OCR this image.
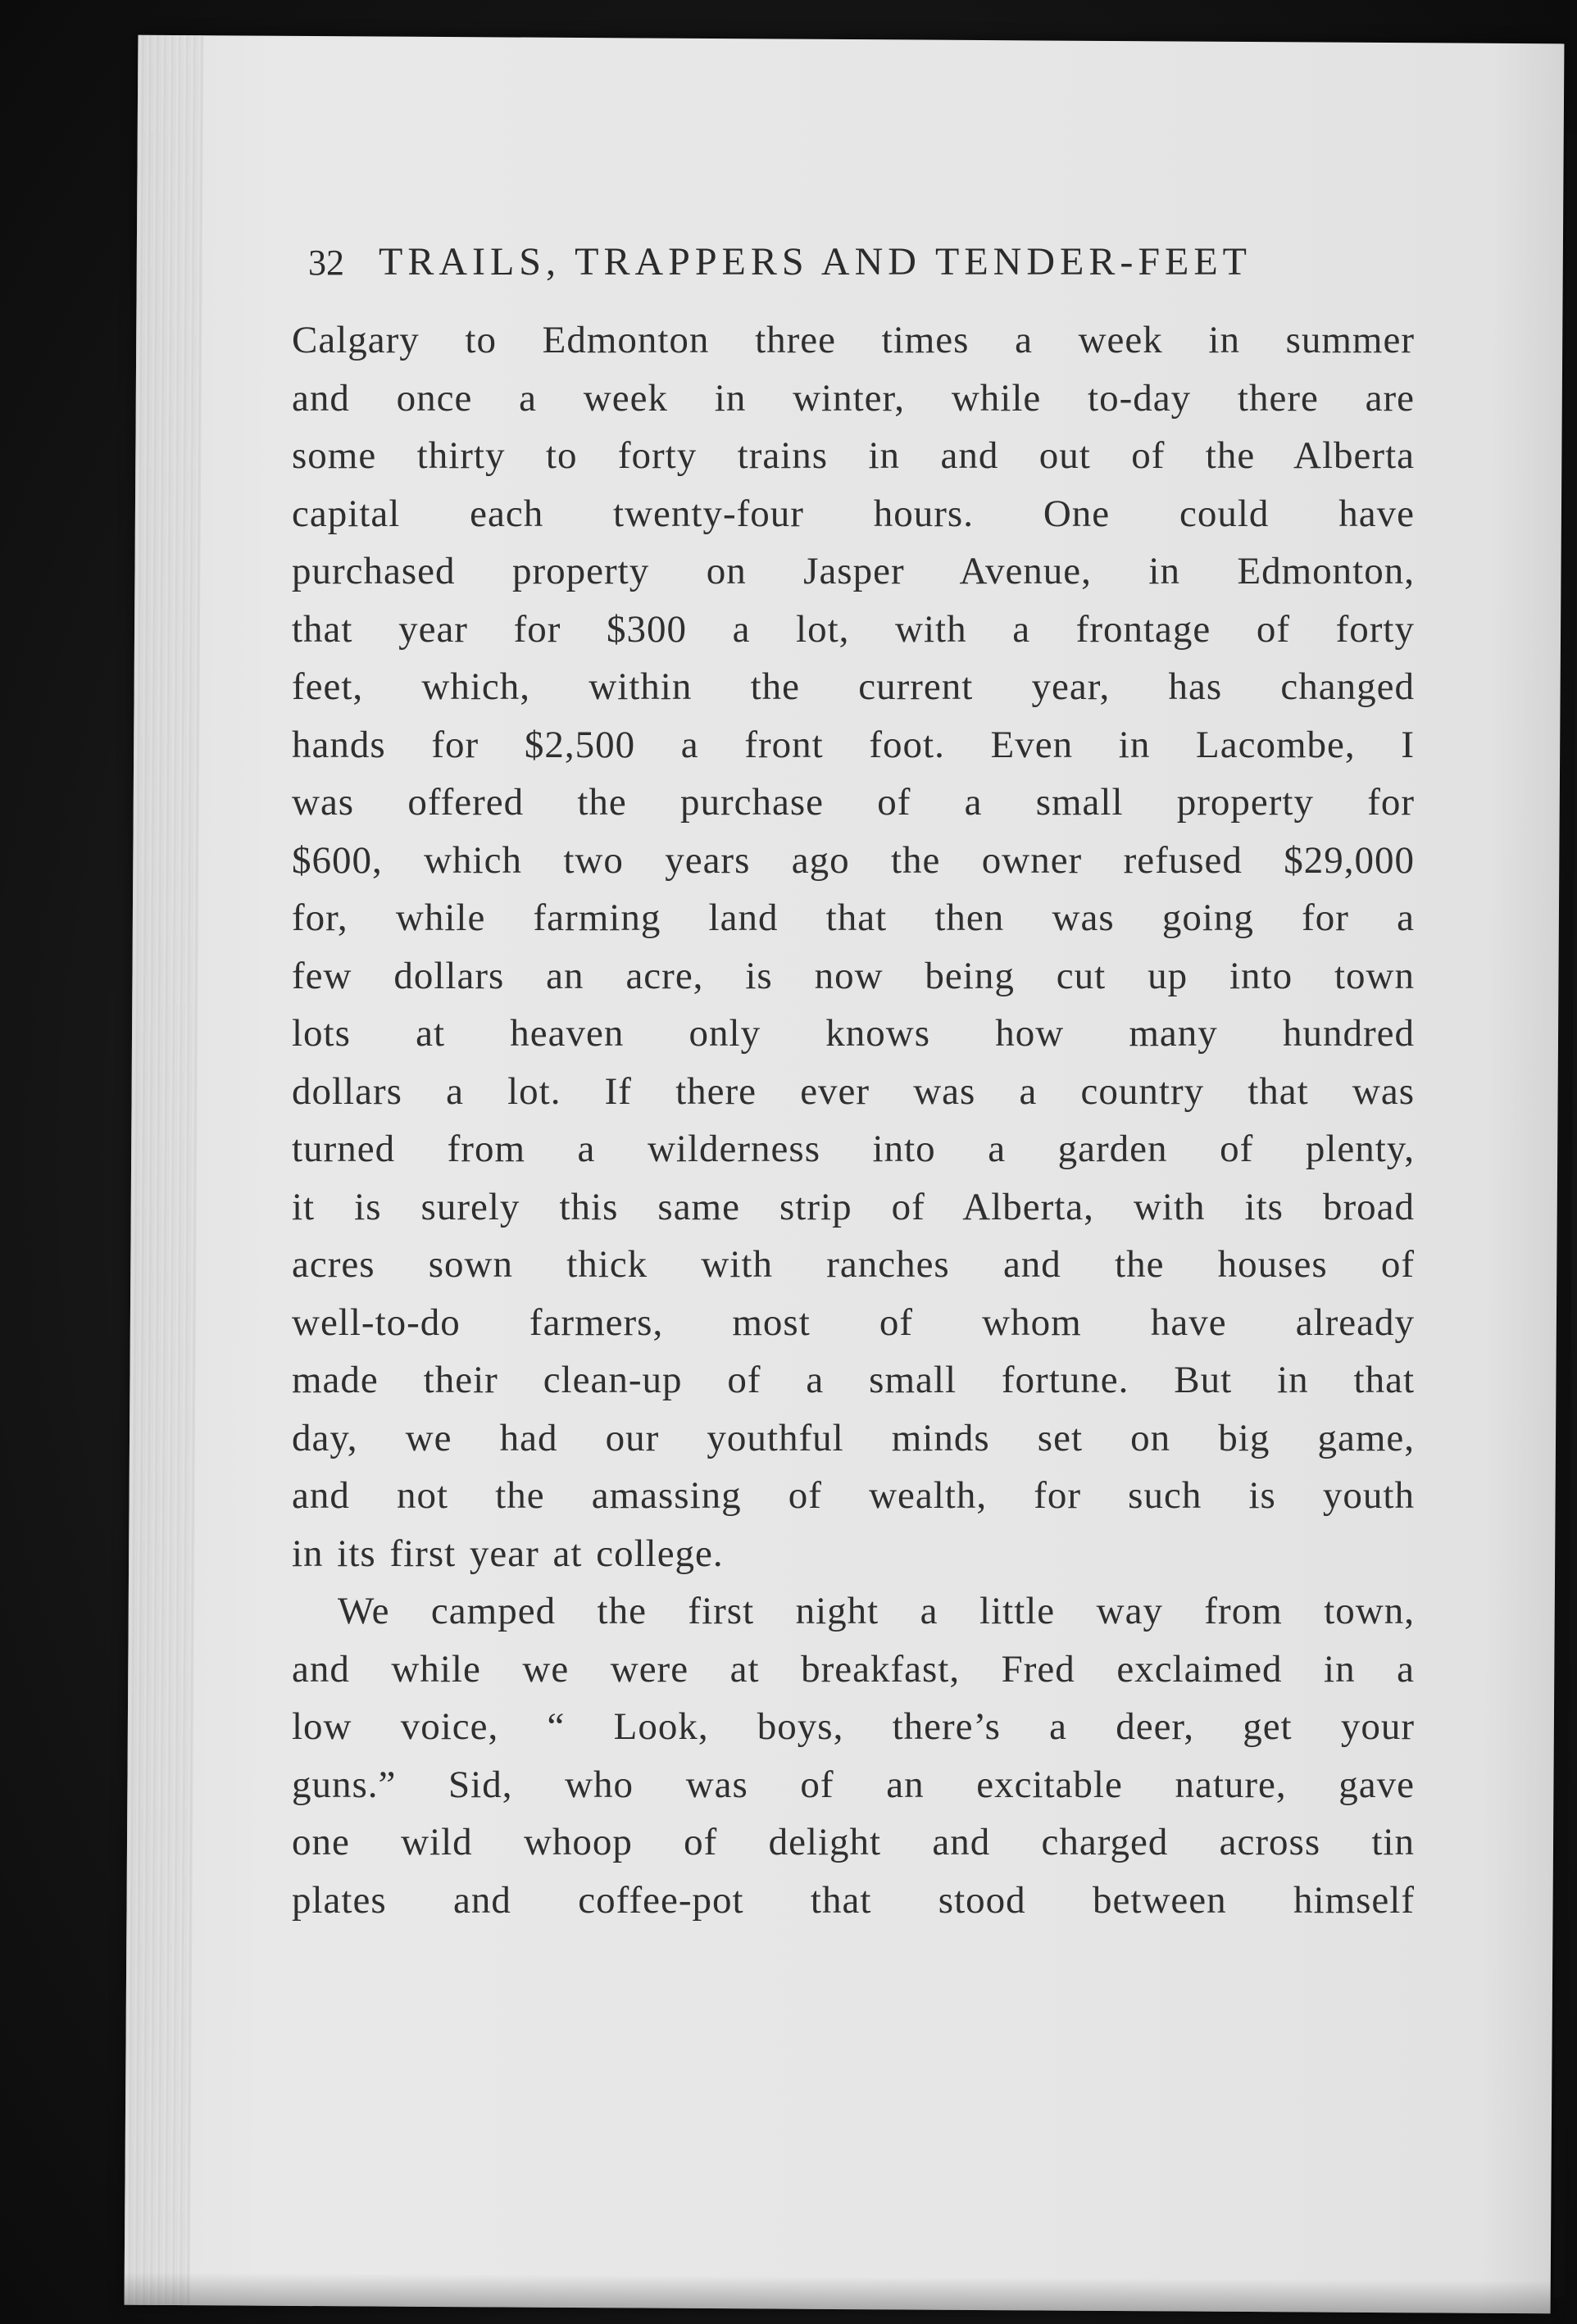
32 TRAILS, TRAPPERS AND TENDER-FEET
Calgary to Edmonton three times a week in summer
and once a week in winter, while to-day there are
some thirty to forty trains in and out of the Alberta
capital each twenty-four hours. One could have
purchased property on Jasper Avenue, in Edmonton,
that year for $300 a lot, with a frontage of forty
feet, which, within the current year, has changed
hands for $2,500 a front foot. Even in Lacombe, I
was offered the purchase of a small property for
$600, which two years ago the owner refused $29,000
for, while farming land that then was going for a
few dollars an acre, is now being cut up into town
lots at heaven only knows how many hundred
dollars a lot. If there ever was a country that was
turned from a wilderness into a garden of plenty,
it is surely this same strip of Alberta, with its broad
acres sown thick with ranches and the houses of
well-to-do farmers, most of whom have already
made their clean-up of a small fortune. But in that
day, we had our youthful minds set on big game,
and not the amassing of wealth, for such is youth
in its first year at college.
We camped the first night a little way from town,
and while we were at breakfast, Fred exclaimed in a
low voice, “ Look, boys, there’s a deer, get your
guns.” Sid, who was of an excitable nature, gave
one wild whoop of delight and charged across tin
plates and coffee-pot that stood between himself
